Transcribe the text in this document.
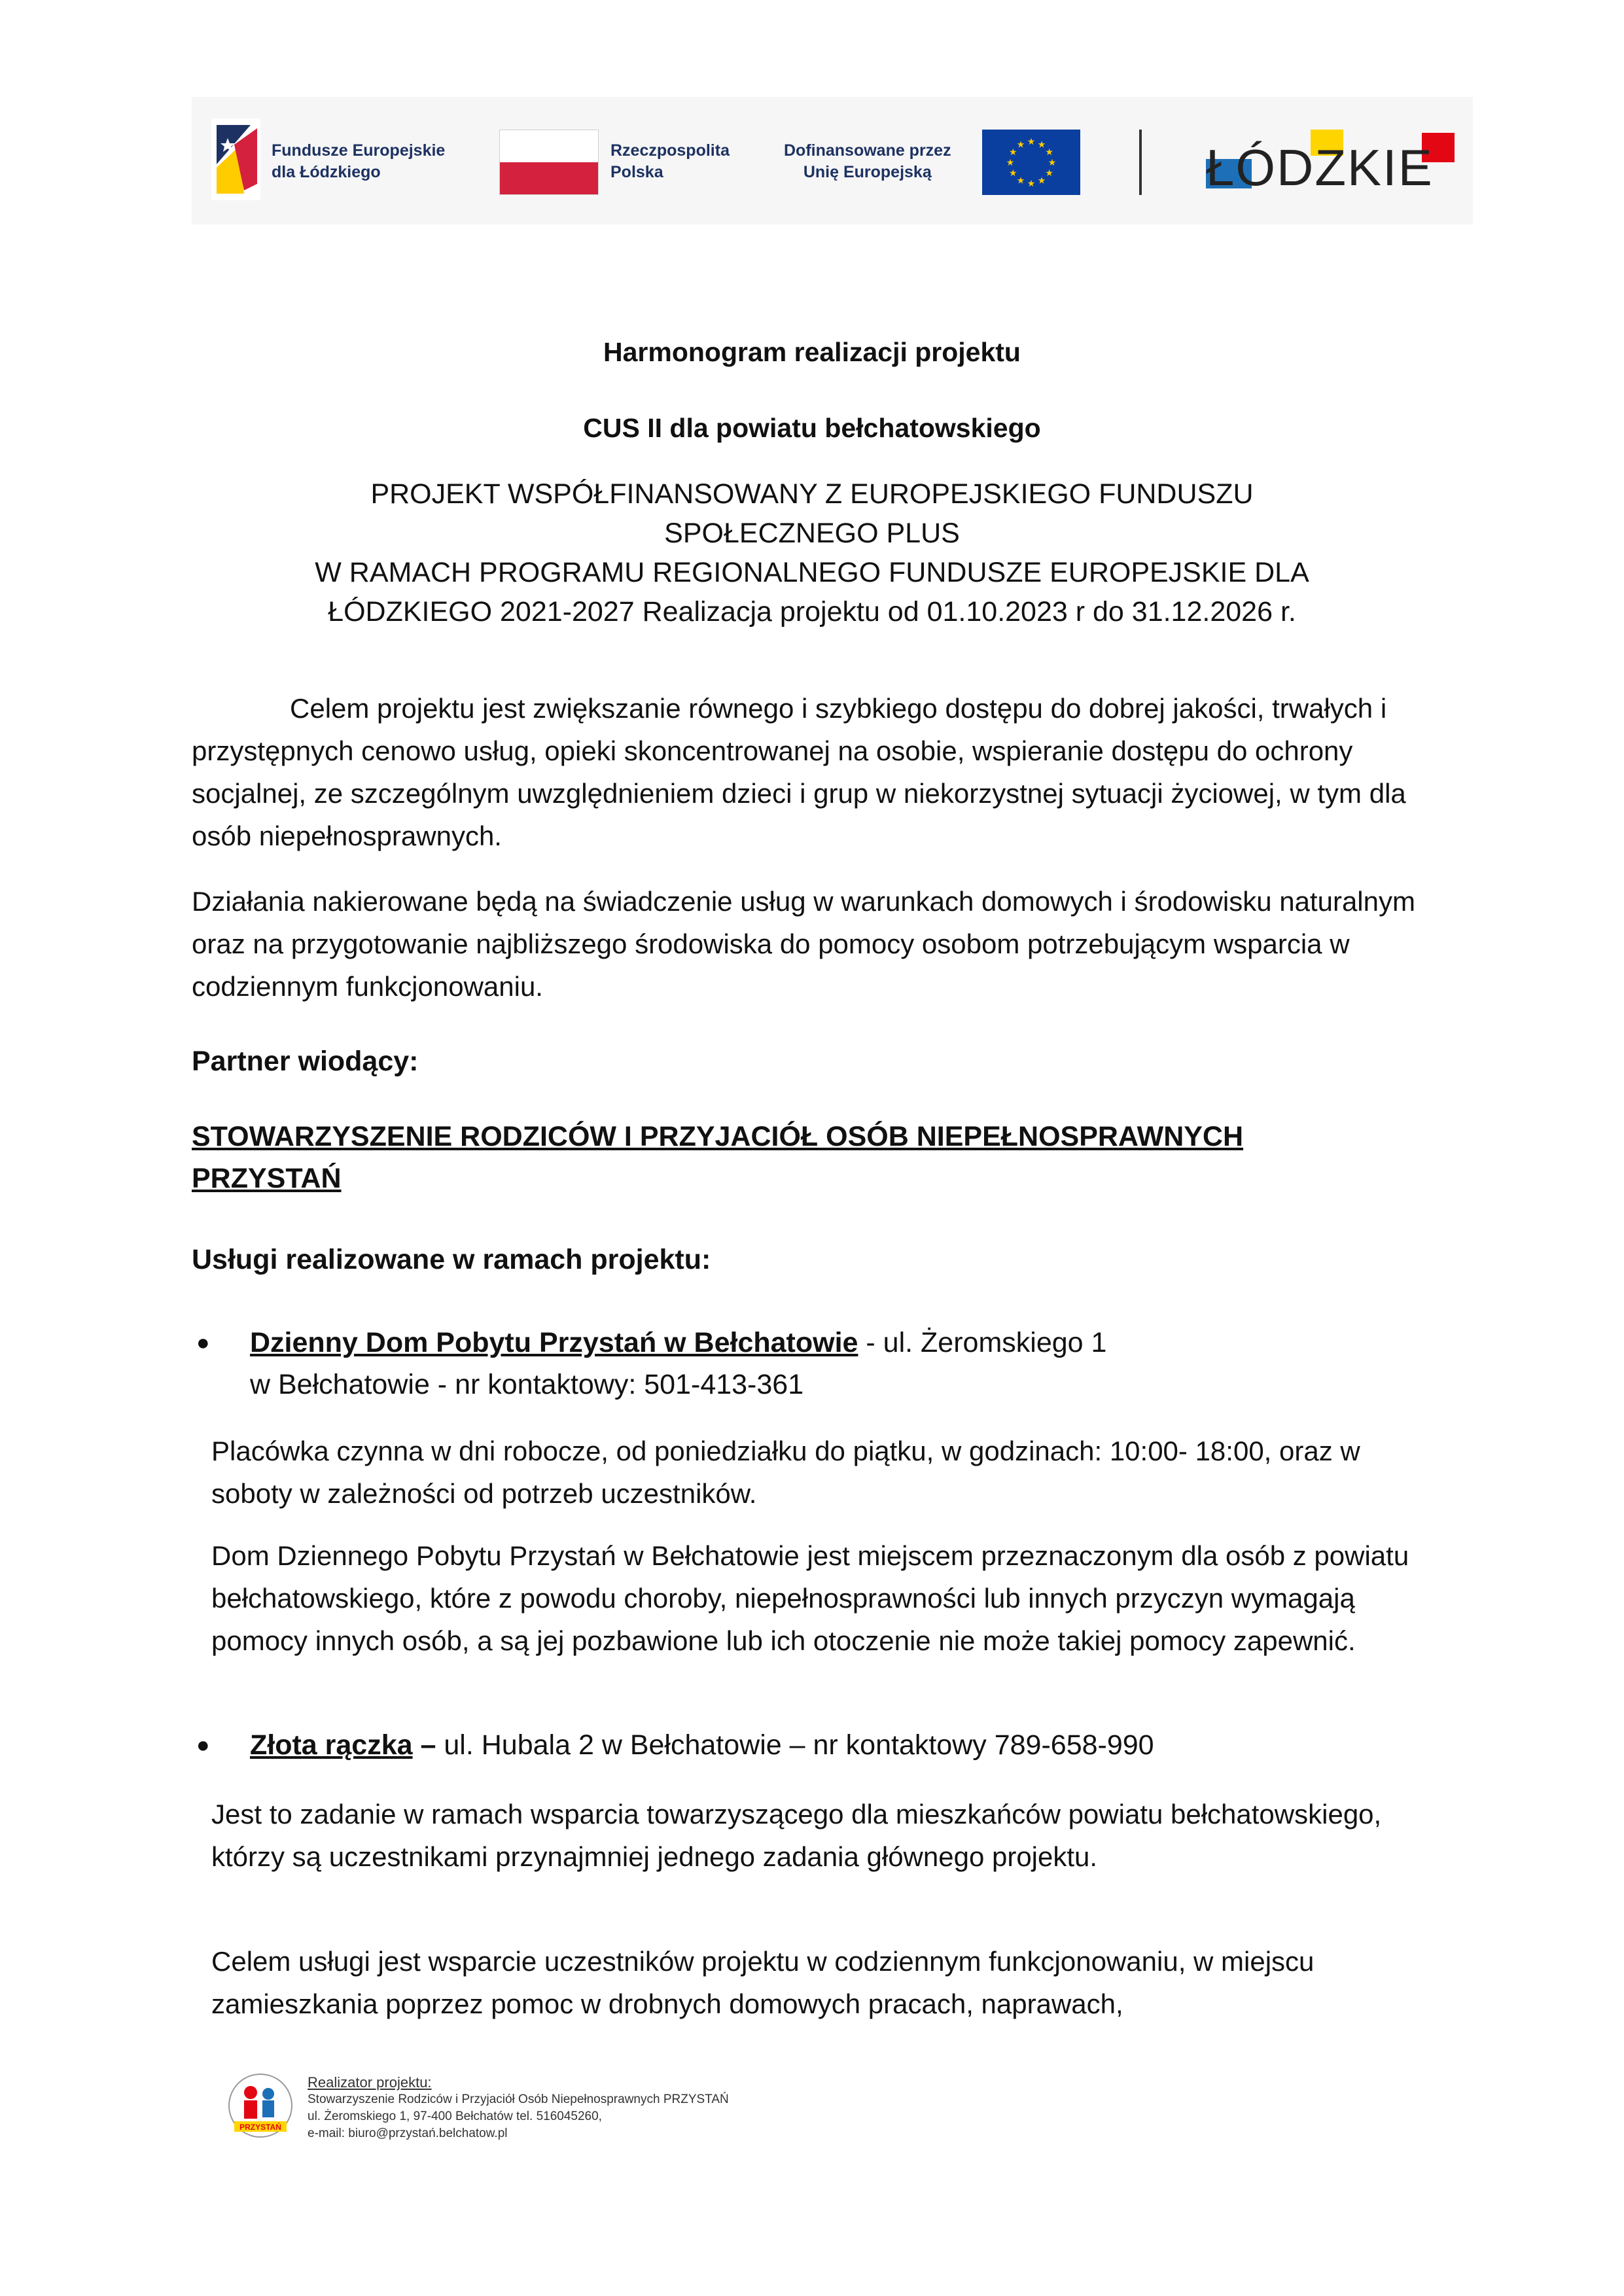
Fundusze Europejskie
dla Łódzkiego
Rzeczpospolita
Polska
Dofinansowane przez
Unię Europejską
★
★
★
★
★
★
★
★
★ ★ ★
★	ŁÓDZKIE
Harmonogram realizacji projektu
CUS II dla powiatu bełchatowskiego
PROJEKT WSPÓŁFINANSOWANY Z EUROPEJSKIEGO FUNDUSZU
SPOŁECZNEGO PLUS
W RAMACH PROGRAMU REGIONALNEGO FUNDUSZE EUROPEJSKIE DLA
ŁÓDZKIEGO 2021-2027 Realizacja projektu od 01.10.2023 r do 31.12.2026 r.
Celem projektu jest zwiększanie równego i szybkiego dostępu do dobrej jakości, trwałych i przystępnych cenowo usług, opieki skoncentrowanej na osobie, wspieranie dostępu do ochrony socjalnej, ze szczególnym uwzględnieniem dzieci i grup w niekorzystnej sytuacji życiowej, w tym dla osób niepełnosprawnych.
Działania nakierowane będą na świadczenie usług w warunkach domowych i środowisku naturalnym oraz na przygotowanie najbliższego środowiska do pomocy osobom potrzebującym wsparcia w codziennym funkcjonowaniu.
Partner wiodący:
STOWARZYSZENIE RODZICÓW I PRZYJACIÓŁ OSÓB NIEPEŁNOSPRAWNYCH
PRZYSTAŃ
Usługi realizowane w ramach projektu:
● Dzienny Dom Pobytu Przystań w Bełchatowie - ul. Żeromskiego 1
w Bełchatowie - nr kontaktowy: 501-413-361
Placówka czynna w dni robocze, od poniedziałku do piątku, w godzinach: 10:00- 18:00, oraz w soboty w zależności od potrzeb uczestników.
Dom Dziennego Pobytu Przystań w Bełchatowie jest miejscem przeznaczonym dla osób z powiatu bełchatowskiego, które z powodu choroby, niepełnosprawności lub innych przyczyn wymagają pomocy innych osób, a są jej pozbawione lub ich otoczenie nie może takiej pomocy zapewnić.
● Złota rączka – ul. Hubala 2 w Bełchatowie – nr kontaktowy 789-658-990
Jest to zadanie w ramach wsparcia towarzyszącego dla mieszkańców powiatu bełchatowskiego, którzy są uczestnikami przynajmniej jednego zadania głównego projektu.
Celem usługi jest wsparcie uczestników projektu w codziennym funkcjonowaniu, w miejscu zamieszkania poprzez pomoc w drobnych domowych pracach, naprawach,
PRZYSTAŃ
Realizator projektu:
Stowarzyszenie Rodziców i Przyjaciół Osób Niepełnosprawnych PRZYSTAŃ
ul. Żeromskiego 1, 97-400 Bełchatów tel. 516045260,
e-mail: biuro@przystań.belchatow.pl
